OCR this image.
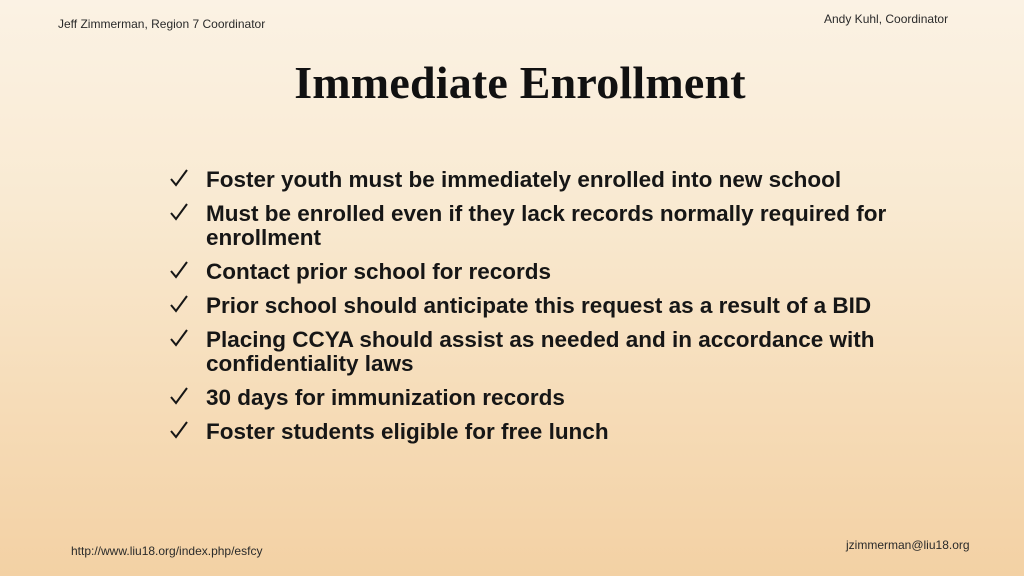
Jeff Zimmerman, Region 7 Coordinator	Andy Kuhl, Coordinator
Immediate Enrollment
Foster youth must be immediately enrolled into new school
Must be enrolled even if they lack records normally required for enrollment
Contact prior school for records
Prior school should anticipate this request as a result of a BID
Placing CCYA should assist as needed and in accordance with confidentiality laws
30 days for immunization records
Foster students eligible for free lunch
http://www.liu18.org/index.php/esfcy	jzimmerman@liu18.org
